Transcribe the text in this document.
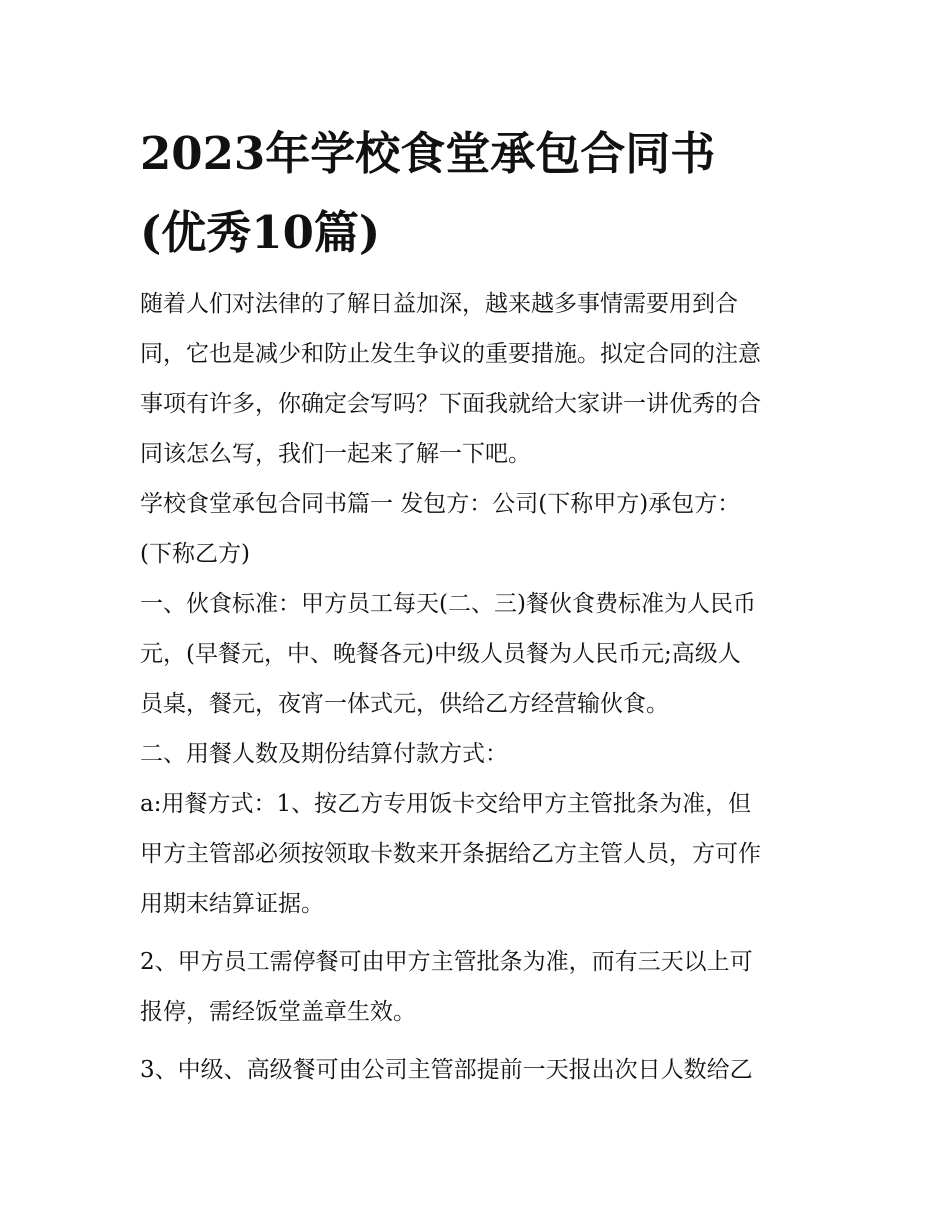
2023年学校食堂承包合同书
(优秀10篇)
随着人们对法律的了解日益加深，越来越多事情需要用到合
同，它也是减少和防止发生争议的重要措施。拟定合同的注意
事项有许多，你确定会写吗？下面我就给大家讲一讲优秀的合
同该怎么写，我们一起来了解一下吧。
学校食堂承包合同书篇一 发包方：公司(下称甲方)承包方：
(下称乙方)
一、伙食标准：甲方员工每天(二、三)餐伙食费标准为人民币
元，(早餐元，中、晚餐各元)中级人员餐为人民币元;高级人
员桌，餐元，夜宵一体式元，供给乙方经营输伙食。
二、用餐人数及期份结算付款方式：
a:用餐方式：1、按乙方专用饭卡交给甲方主管批条为准，但
甲方主管部必须按领取卡数来开条据给乙方主管人员，方可作
用期末结算证据。
2、甲方员工需停餐可由甲方主管批条为准，而有三天以上可
报停，需经饭堂盖章生效。
3、中级、高级餐可由公司主管部提前一天报出次日人数给乙
